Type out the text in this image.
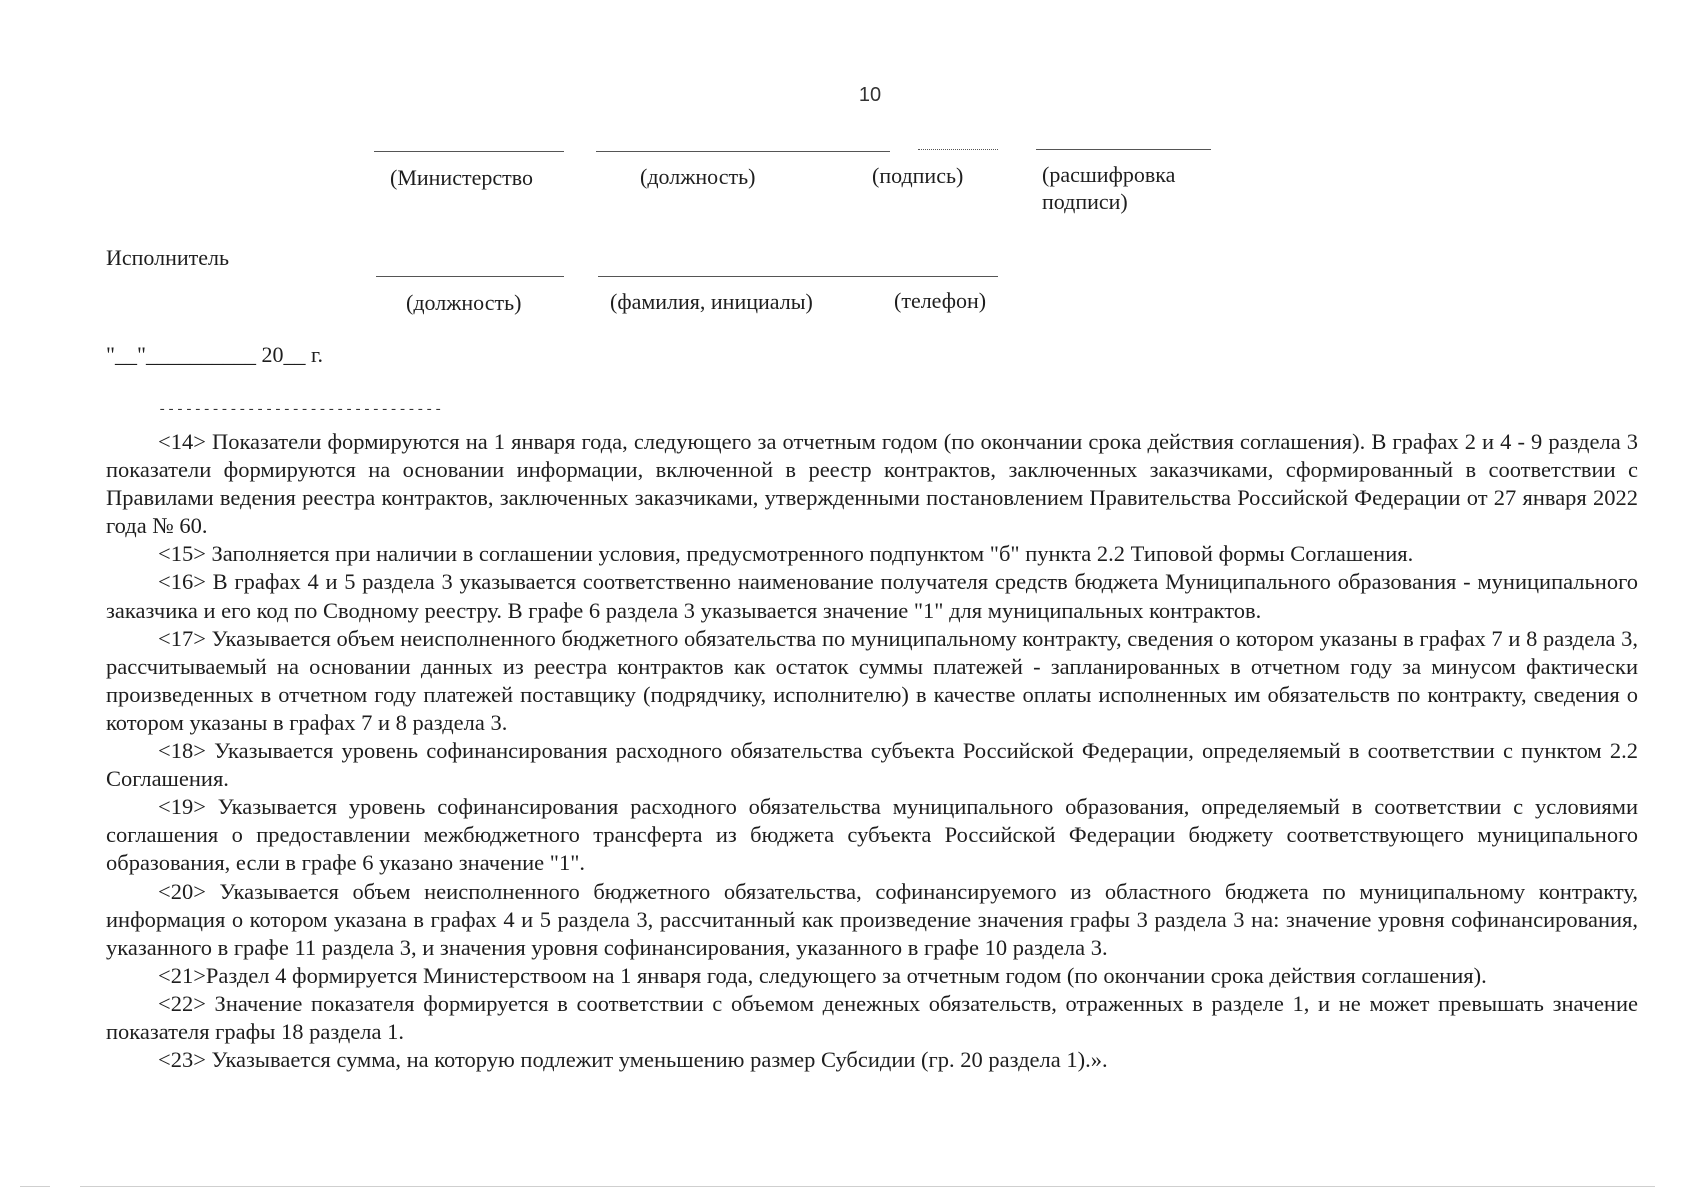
10
(Министерство	(должность)	(подпись)	(расшифровка подписи)
Исполнитель
(должность)	(фамилия, инициалы)	(телефон)
"__"__________ 20__ г.
--------------------------------

<14> Показатели формируются на 1 января года, следующего за отчетным годом (по окончании срока действия соглашения). В графах 2 и 4 - 9 раздела 3 показатели формируются на основании информации, включенной в реестр контрактов, заключенных заказчиками, сформированный в соответствии с Правилами ведения реестра контрактов, заключенных заказчиками, утвержденными постановлением Правительства Российской Федерации от 27 января 2022 года № 60.

<15> Заполняется при наличии в соглашении условия, предусмотренного подпунктом "б" пункта 2.2 Типовой формы Соглашения.

<16> В графах 4 и 5 раздела 3 указывается соответственно наименование получателя средств бюджета Муниципального образования - муниципального заказчика и его код по Сводному реестру. В графе 6 раздела 3 указывается значение "1" для муниципальных контрактов.

<17> Указывается объем неисполненного бюджетного обязательства по муниципальному контракту, сведения о котором указаны в графах 7 и 8 раздела 3, рассчитываемый на основании данных из реестра контрактов как остаток суммы платежей - запланированных в отчетном году за минусом фактически произведенных в отчетном году платежей поставщику (подрядчику, исполнителю) в качестве оплаты исполненных им обязательств по контракту, сведения о котором указаны в графах 7 и 8 раздела 3.

<18> Указывается уровень софинансирования расходного обязательства субъекта Российской Федерации, определяемый в соответствии с пунктом 2.2 Соглашения.

<19> Указывается уровень софинансирования расходного обязательства муниципального образования, определяемый в соответствии с условиями соглашения о предоставлении межбюджетного трансферта из бюджета субъекта Российской Федерации бюджету соответствующего муниципального образования, если в графе 6 указано значение "1".

<20> Указывается объем неисполненного бюджетного обязательства, софинансируемого из областного бюджета по муниципальному контракту, информация о котором указана в графах 4 и 5 раздела 3, рассчитанный как произведение значения графы 3 раздела 3 на: значение уровня софинансирования, указанного в графе 11 раздела 3, и значения уровня софинансирования, указанного в графе 10 раздела 3.

<21>Раздел 4 формируется Министерствоом на 1 января года, следующего за отчетным годом (по окончании срока действия соглашения).

<22> Значение показателя формируется в соответствии с объемом денежных обязательств, отраженных в разделе 1, и не может превышать значение показателя графы 18 раздела 1.

<23> Указывается сумма, на которую подлежит уменьшению размер Субсидии (гр. 20 раздела 1).».
